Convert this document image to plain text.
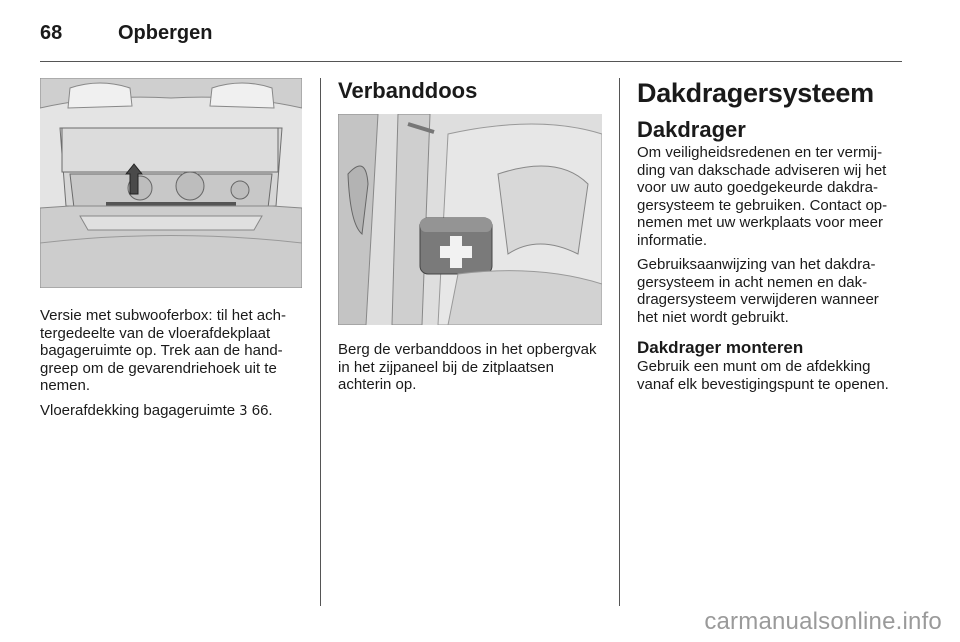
68	Opbergen

Versie met subwooferbox: til het achtergedeelte van de vloerafdekplaat bagageruimte op. Trek aan de handgreep om de gevarendriehoek uit te nemen.

Vloerafdekking bagageruimte 3 66.

Verbanddoos

Berg de verbanddoos in het opbergvak in het zijpaneel bij de zitplaatsen achterin op.

Dakdragersysteem
Dakdrager

Om veiligheidsredenen en ter vermijding van dakschade adviseren wij het voor uw auto goedgekeurde dakdragersysteem te gebruiken. Contact opnemen met uw werkplaats voor meer informatie.

Gebruiksaanwijzing van het dakdragersysteem in acht nemen en dakdragersysteem verwijderen wanneer het niet wordt gebruikt.

Dakdrager monteren

Gebruik een munt om de afdekking vanaf elk bevestigingspunt te openen.

carmanualsonline.info
